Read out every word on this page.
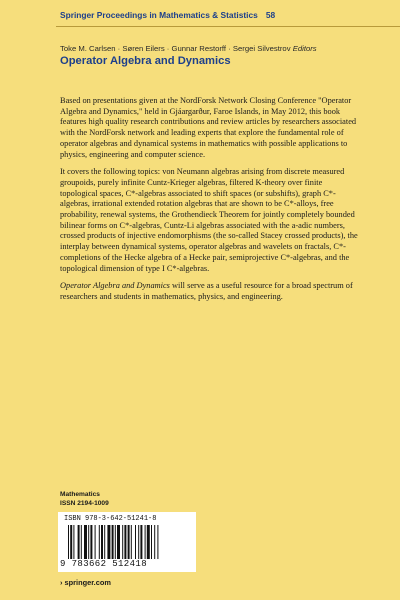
Springer Proceedings in Mathematics & Statistics 58
Toke M. Carlsen · Søren Eilers · Gunnar Restorff · Sergei Silvestrov Editors
Operator Algebra and Dynamics

Based on presentations given at the NordForsk Network Closing Conference "Operator Algebra and Dynamics," held in Gjáargarður, Faroe Islands, in May 2012, this book features high quality research contributions and review articles by researchers associated with the NordForsk network and leading experts that explore the fundamental role of operator algebras and dynamical systems in mathematics with possible applications to physics, engineering and computer science.

It covers the following topics: von Neumann algebras arising from discrete measured groupoids, purely infinite Cuntz-Krieger algebras, filtered K-theory over finite topological spaces, C*-algebras associated to shift spaces (or subshifts), graph C*-algebras, irrational extended rotation algebras that are shown to be C*-alloys, free probability, renewal systems, the Grothendieck Theorem for jointly completely bounded bilinear forms on C*-algebras, Cuntz-Li algebras associated with the a-adic numbers, crossed products of injective endomorphisms (the so-called Stacey crossed products), the interplay between dynamical systems, operator algebras and wavelets on fractals, C*-completions of the Hecke algebra of a Hecke pair, semiprojective C*-algebras, and the topological dimension of type I C*-algebras.

Operator Algebra and Dynamics will serve as a useful resource for a broad spectrum of researchers and students in mathematics, physics, and engineering.

Mathematics
ISSN 2194-1009
ISBN 978-3-642-51241-8
9 783662 512418
› springer.com
